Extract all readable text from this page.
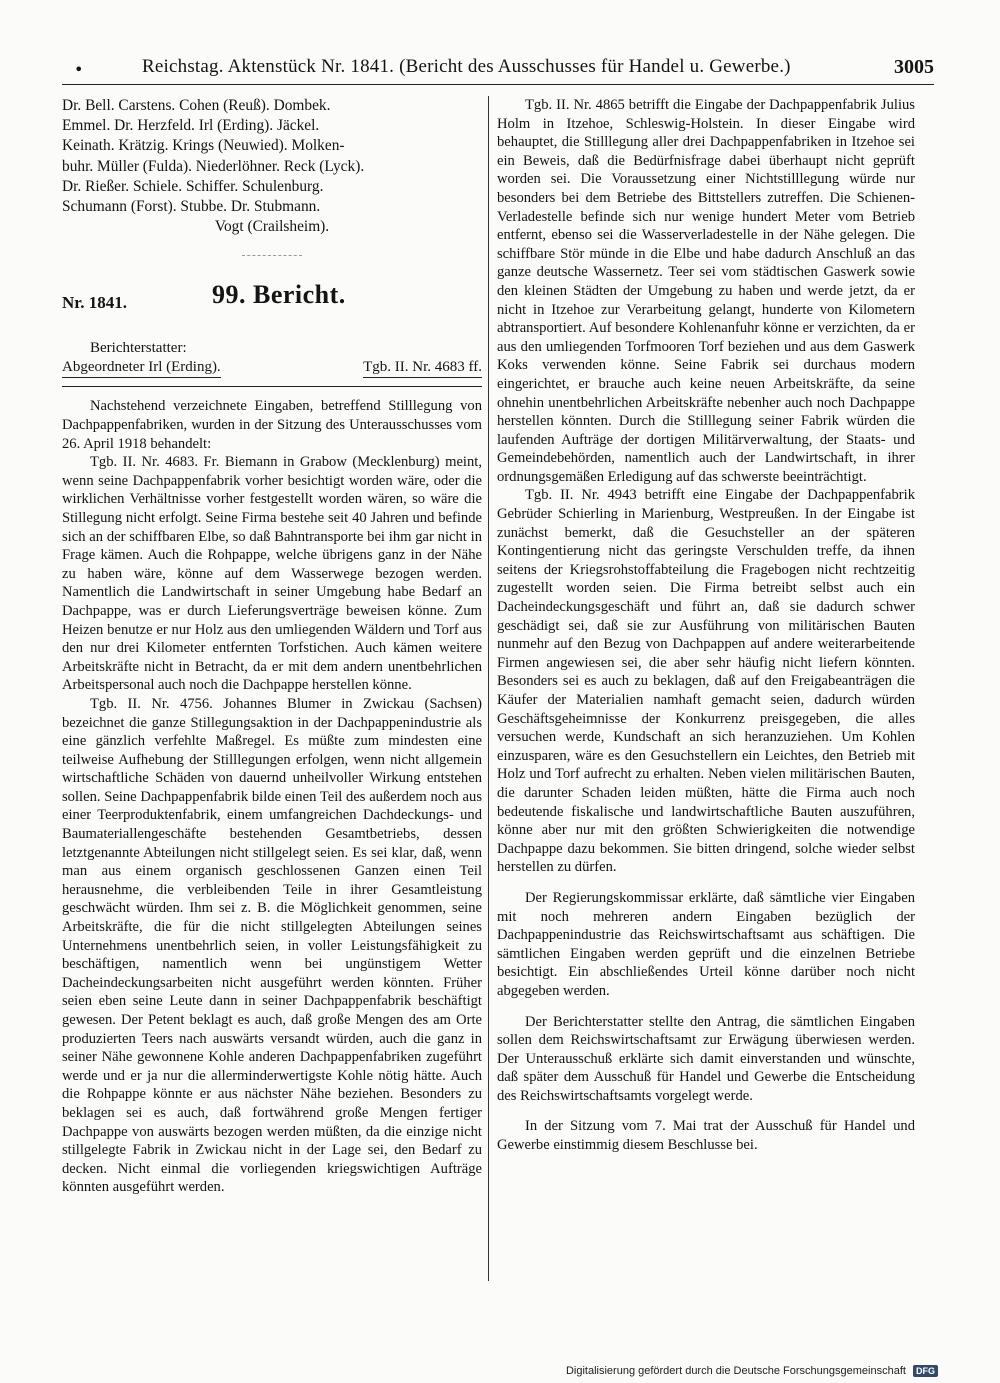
•	Reichstag. Aktenstück Nr. 1841. (Bericht des Ausschusses für Handel u. Gewerbe.)	3005
Dr. Bell. Carstens. Cohen (Reuß). Dombek.
Emmel. Dr. Herzfeld. Irl (Erding). Jäckel.
Keinath. Krätzig. Krings (Neuwied). Molken-
buhr. Müller (Fulda). Niederlöhner. Reck (Lyck).
Dr. Rießer. Schiele. Schiffer. Schulenburg.
Schumann (Forst). Stubbe. Dr. Stubmann.
Vogt (Crailsheim).
Nr. 1841.	99. Bericht.
Berichterstatter:
Abgeordneter Irl (Erding).	Tgb. II. Nr. 4683 ff.

Nachstehend verzeichnete Eingaben, betreffend Stilllegung von Dachpappenfabriken, wurden in der Sitzung des Unterausschusses vom 26. April 1918 behandelt:

Tgb. II. Nr. 4683. Fr. Biemann in Grabow (Mecklenburg) meint, wenn seine Dachpappenfabrik vorher besichtigt worden wäre, oder die wirklichen Verhältnisse vorher festgestellt worden wären, so wäre die Stillegung nicht erfolgt. Seine Firma bestehe seit 40 Jahren und befinde sich an der schiffbaren Elbe, so daß Bahntransporte bei ihm gar nicht in Frage kämen. Auch die Rohpappe, welche übrigens ganz in der Nähe zu haben wäre, könne auf dem Wasserwege bezogen werden. Namentlich die Landwirtschaft in seiner Umgebung habe Bedarf an Dachpappe, was er durch Lieferungsverträge beweisen könne. Zum Heizen benutze er nur Holz aus den umliegenden Wäldern und Torf aus den nur drei Kilometer entfernten Torfstichen. Auch kämen weitere Arbeitskräfte nicht in Betracht, da er mit dem andern unentbehrlichen Arbeitspersonal auch noch die Dachpappe herstellen könne.

Tgb. II. Nr. 4756. Johannes Blumer in Zwickau (Sachsen) bezeichnet die ganze Stillegungsaktion in der Dachpappenindustrie als eine gänzlich verfehlte Maßregel. Es müßte zum mindesten eine teilweise Aufhebung der Stilllegungen erfolgen, wenn nicht allgemein wirtschaftliche Schäden von dauernd unheilvoller Wirkung entstehen sollen. Seine Dachpappenfabrik bilde einen Teil des außerdem noch aus einer Teerproduktenfabrik, einem umfangreichen Dachdeckungs- und Baumateriallengeschäfte bestehenden Gesamtbetriebs, dessen letztgenannte Abteilungen nicht stillgelegt seien. Es sei klar, daß, wenn man aus einem organisch geschlossenen Ganzen einen Teil herausnehme, die verbleibenden Teile in ihrer Gesamtleistung geschwächt würden. Ihm sei z. B. die Möglichkeit genommen, seine Arbeitskräfte, die für die nicht stillgelegten Abteilungen seines Unternehmens unentbehrlich seien, in voller Leistungsfähigkeit zu beschäftigen, namentlich wenn bei ungünstigem Wetter Dacheindeckungsarbeiten nicht ausgeführt werden könnten. Früher seien eben seine Leute dann in seiner Dachpappenfabrik beschäftigt gewesen. Der Petent beklagt es auch, daß große Mengen des am Orte produzierten Teers nach auswärts versandt würden, auch die ganz in seiner Nähe gewonnene Kohle anderen Dachpappenfabriken zugeführt werde und er ja nur die allerminderwertigste Kohle nötig hätte. Auch die Rohpappe könnte er aus nächster Nähe beziehen. Besonders zu beklagen sei es auch, daß fortwährend große Mengen fertiger Dachpappe von auswärts bezogen werden müßten, da die einzige nicht stillgelegte Fabrik in Zwickau nicht in der Lage sei, den Bedarf zu decken. Nicht einmal die vorliegenden kriegswichtigen Aufträge könnten ausgeführt werden.

Tgb. II. Nr. 4865 betrifft die Eingabe der Dachpappenfabrik Julius Holm in Itzehoe, Schleswig-Holstein. In dieser Eingabe wird behauptet, die Stilllegung aller drei Dachpappenfabriken in Itzehoe sei ein Beweis, daß die Bedürfnisfrage dabei überhaupt nicht geprüft worden sei. Die Voraussetzung einer Nichtstilllegung würde nur besonders bei dem Betriebe des Bittstellers zutreffen. Die Schienen-Verladestelle befinde sich nur wenige hundert Meter vom Betrieb entfernt, ebenso sei die Wasserverladestelle in der Nähe gelegen. Die schiffbare Stör münde in die Elbe und habe dadurch Anschluß an das ganze deutsche Wassernetz. Teer sei vom städtischen Gaswerk sowie den kleinen Städten der Umgebung zu haben und werde jetzt, da er nicht in Itzehoe zur Verarbeitung gelangt, hunderte von Kilometern abtransportiert. Auf besondere Kohlenanfuhr könne er verzichten, da er aus den umliegenden Torfmooren Torf beziehen und aus dem Gaswerk Koks verwenden könne. Seine Fabrik sei durchaus modern eingerichtet, er brauche auch keine neuen Arbeitskräfte, da seine ohnehin unentbehrlichen Arbeitskräfte nebenher auch noch Dachpappe herstellen könnten. Durch die Stilllegung seiner Fabrik würden die laufenden Aufträge der dortigen Militärverwaltung, der Staats- und Gemeindebehörden, namentlich auch der Landwirtschaft, in ihrer ordnungsgemäßen Erledigung auf das schwerste beeinträchtigt.

Tgb. II. Nr. 4943 betrifft eine Eingabe der Dachpappenfabrik Gebrüder Schierling in Marienburg, Westpreußen. In der Eingabe ist zunächst bemerkt, daß die Gesuchsteller an der späteren Kontingentierung nicht das geringste Verschulden treffe, da ihnen seitens der Kriegsrohstoffabteilung die Fragebogen nicht rechtzeitig zugestellt worden seien. Die Firma betreibt selbst auch ein Dacheindeckungsgeschäft und führt an, daß sie dadurch schwer geschädigt sei, daß sie zur Ausführung von militärischen Bauten nunmehr auf den Bezug von Dachpappen auf andere weiterarbeitende Firmen angewiesen sei, die aber sehr häufig nicht liefern könnten. Besonders sei es auch zu beklagen, daß auf den Freigabeanträgen die Käufer der Materialien namhaft gemacht seien, dadurch würden Geschäftsgeheimnisse der Konkurrenz preisgegeben, die alles versuchen werde, Kundschaft an sich heranzuziehen. Um Kohlen einzusparen, wäre es den Gesuchstellern ein Leichtes, den Betrieb mit Holz und Torf aufrecht zu erhalten. Neben vielen militärischen Bauten, die darunter Schaden leiden müßten, hätte die Firma auch noch bedeutende fiskalische und landwirtschaftliche Bauten auszuführen, könne aber nur mit den größten Schwierigkeiten die notwendige Dachpappe dazu bekommen. Sie bitten dringend, solche wieder selbst herstellen zu dürfen.

Der Regierungskommissar erklärte, daß sämtliche vier Eingaben mit noch mehreren andern Eingaben bezüglich der Dachpappenindustrie das Reichswirtschaftsamt aus schäftigen. Die sämtlichen Eingaben werden geprüft und die einzelnen Betriebe besichtigt. Ein abschließendes Urteil könne darüber noch nicht abgegeben werden.

Der Berichterstatter stellte den Antrag, die sämtlichen Eingaben sollen dem Reichswirtschaftsamt zur Erwägung überwiesen werden. Der Unterausschuß erklärte sich damit einverstanden und wünschte, daß später dem Ausschuß für Handel und Gewerbe die Entscheidung des Reichswirtschaftsamts vorgelegt werde.

In der Sitzung vom 7. Mai trat der Ausschuß für Handel und Gewerbe einstimmig diesem Beschlusse bei.

Digitalisierung gefördert durch die Deutsche Forschungsgemeinschaft DFG
